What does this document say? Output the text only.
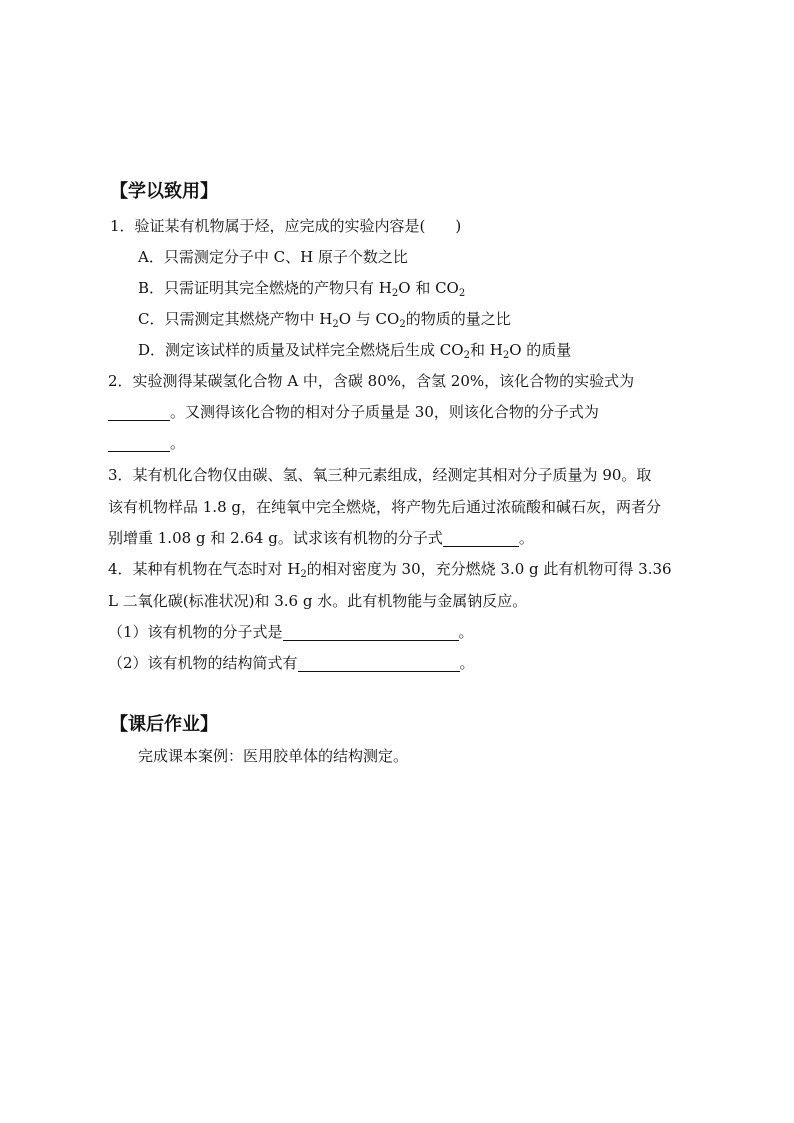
【学以致用】
1．验证某有机物属于烃，应完成的实验内容是(　　)
A．只需测定分子中 C、H 原子个数之比
B．只需证明其完全燃烧的产物只有 $H_2O$ 和 $CO_2$
C．只需测定其燃烧产物中 $H_2O$ 与 $CO_2$的物质的量之比
D．测定该试样的质量及试样完全燃烧后生成 $CO_2$和 $H_2O$ 的质量
2．实验测得某碳氢化合物 A 中，含碳 80%，含氢 20%，该化合物的实验式为
。又测得该化合物的相对分子质量是 30，则该化合物的分子式为
。
3．某有机化合物仅由碳、氢、氧三种元素组成，经测定其相对分子质量为 90。取
该有机物样品 1.8 g，在纯氧中完全燃烧，将产物先后通过浓硫酸和碱石灰，两者分
别增重 1.08 g 和 2.64 g。试求该有机物的分子式	。
4．某种有机物在气态时对 $H_2$的相对密度为 30，充分燃烧 3.0 g 此有机物可得 3.36
L 二氧化碳(标准状况)和 3.6 g 水。此有机物能与金属钠反应。
（1）该有机物的分子式是	。
（2）该有机物的结构简式有	。
【课后作业】
完成课本案例：医用胶单体的结构测定。
